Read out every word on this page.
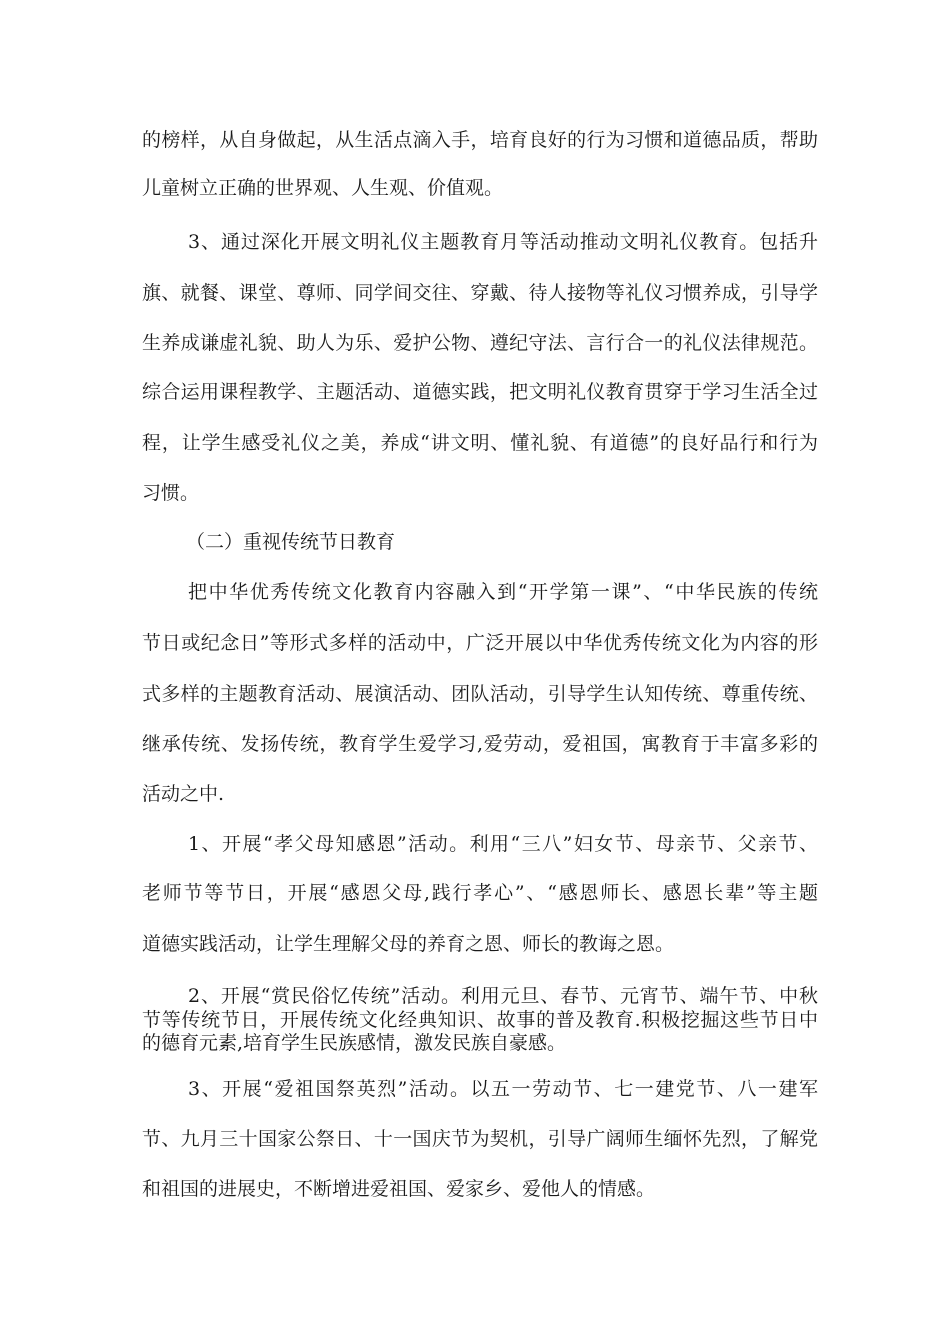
的榜样，从自身做起，从生活点滴入手，培育良好的行为习惯和道德品质，帮助
儿童树立正确的世界观、人生观、价值观。
3、通过深化开展文明礼仪主题教育月等活动推动文明礼仪教育。包括升
旗、就餐、课堂、尊师、同学间交往、穿戴、待人接物等礼仪习惯养成，引导学
生养成谦虚礼貌、助人为乐、爱护公物、遵纪守法、言行合一的礼仪法律规范。
综合运用课程教学、主题活动、道德实践，把文明礼仪教育贯穿于学习生活全过
程，让学生感受礼仪之美，养成“讲文明、懂礼貌、有道德”的良好品行和行为
习惯。
（二）重视传统节日教育
把中华优秀传统文化教育内容融入到“开学第一课”、“中华民族的传统
节日或纪念日”等形式多样的活动中，广泛开展以中华优秀传统文化为内容的形
式多样的主题教育活动、展演活动、团队活动，引导学生认知传统、尊重传统、
继承传统、发扬传统，教育学生爱学习,爱劳动，爱祖国，寓教育于丰富多彩的
活动之中.
1、开展“孝父母知感恩”活动。利用“三八”妇女节、母亲节、父亲节、
老师节等节日，开展“感恩父母,践行孝心”、“感恩师长、感恩长辈”等主题
道德实践活动，让学生理解父母的养育之恩、师长的教诲之恩。
2、开展“赏民俗忆传统”活动。利用元旦、春节、元宵节、端午节、中秋
节等传统节日，开展传统文化经典知识、故事的普及教育.积极挖掘这些节日中
的德育元素,培育学生民族感情，激发民族自豪感。
3、开展“爱祖国祭英烈”活动。以五一劳动节、七一建党节、八一建军
节、九月三十国家公祭日、十一国庆节为契机，引导广阔师生缅怀先烈，了解党
和祖国的进展史，不断增进爱祖国、爱家乡、爱他人的情感。
